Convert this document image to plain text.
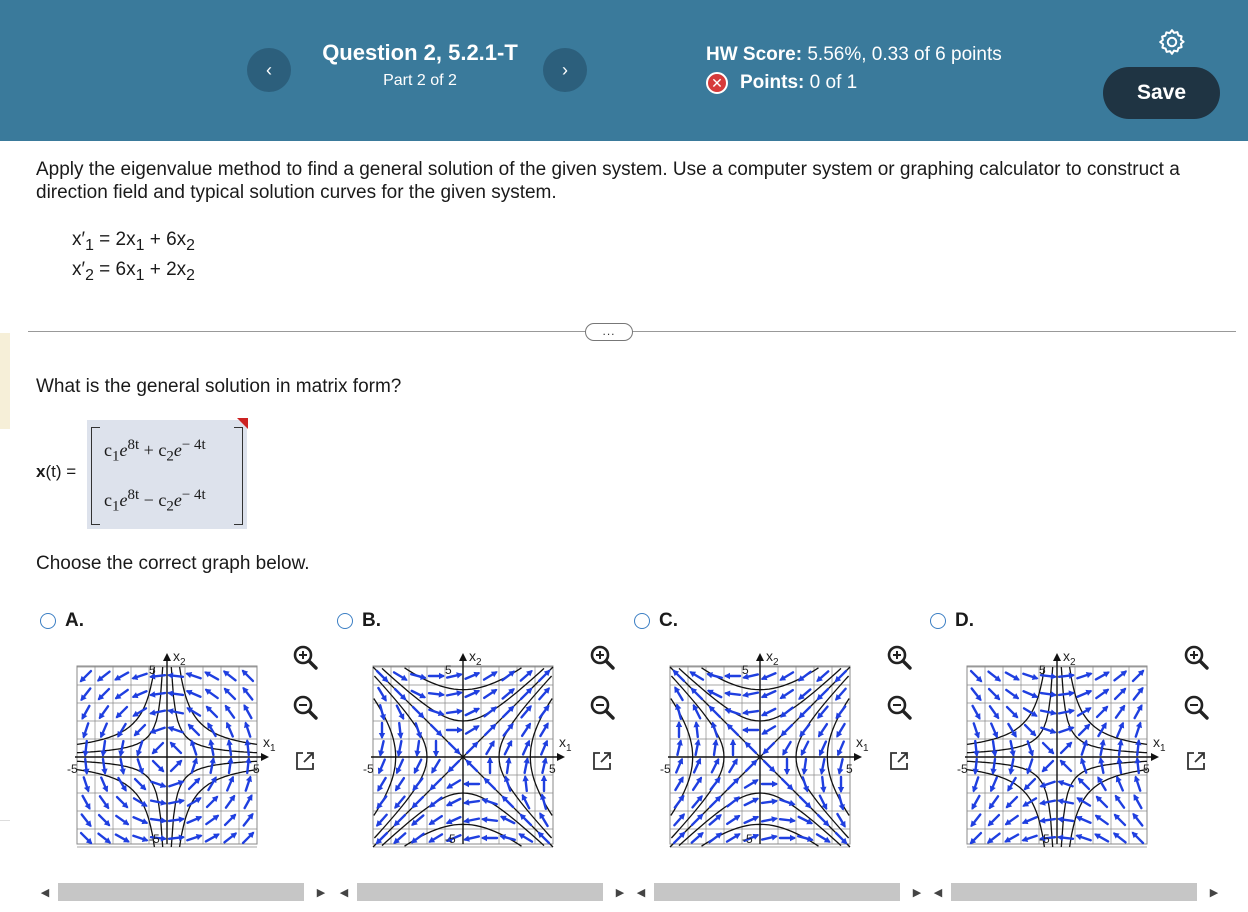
‹
Question 2, 5.2.1-T
Part 2 of 2
›
HW Score: 5.56%, 0.33 of 6 points
✕ Points:
0 of 1	Save
Apply the eigenvalue method to find a general solution of the given system. Use a computer system or graphing calculator to construct a direction field and typical solution curves for the given system.
$x'_1 = 2x_1 + 6x_2$
$x'_2 = 6x_1 + 2x_2$
...
What is the general solution in matrix form?
x(t) =
$c_1e^{8t} + c_2e^{- 4t}$
$c_1e^{8t} - c_2e^{- 4t}$
Choose the correct graph below.
A.	B.	C.	D.
5
-5
-5	5
$x_2$
$x_1$
5
-5
-5	5
$x_2$
$x_1$
5
-5
-5	5
$x_2$
$x_1$
5
-5
-5	5
$x_2$
$x_1$
◀	▶ ◀	▶ ◀	▶ ◀	▶
